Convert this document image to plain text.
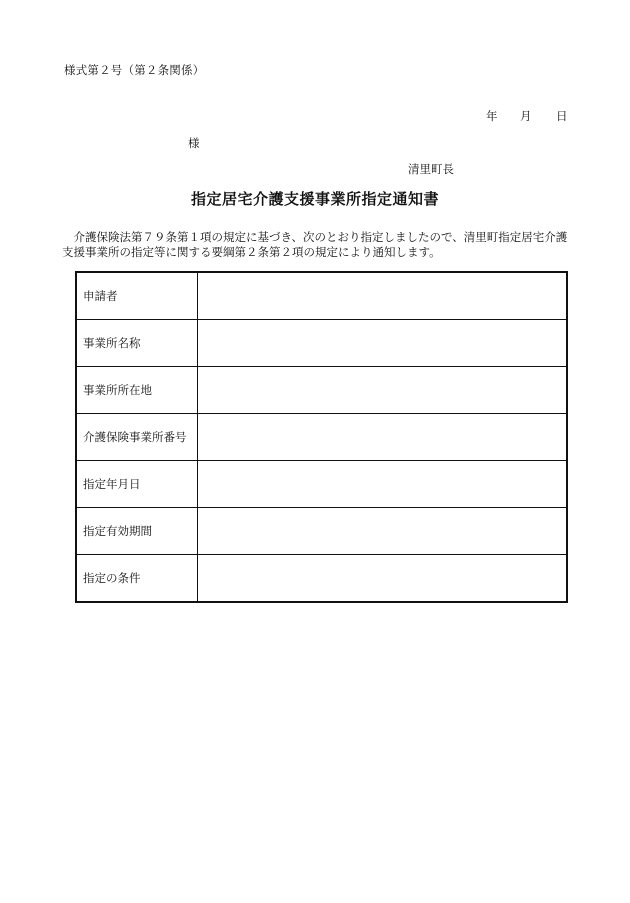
様式第２号（第２条関係）
年	月	日
様
清里町長
指定居宅介護支援事業所指定通知書
介護保険法第７９条第１項の規定に基づき、次のとおり指定しましたので、清里町指定居宅介護支援事業所の指定等に関する要綱第２条第２項の規定により通知します。
申請者	
事業所名称	
事業所所在地	
介護保険事業所番号	
指定年月日	
指定有効期間	
指定の条件	
